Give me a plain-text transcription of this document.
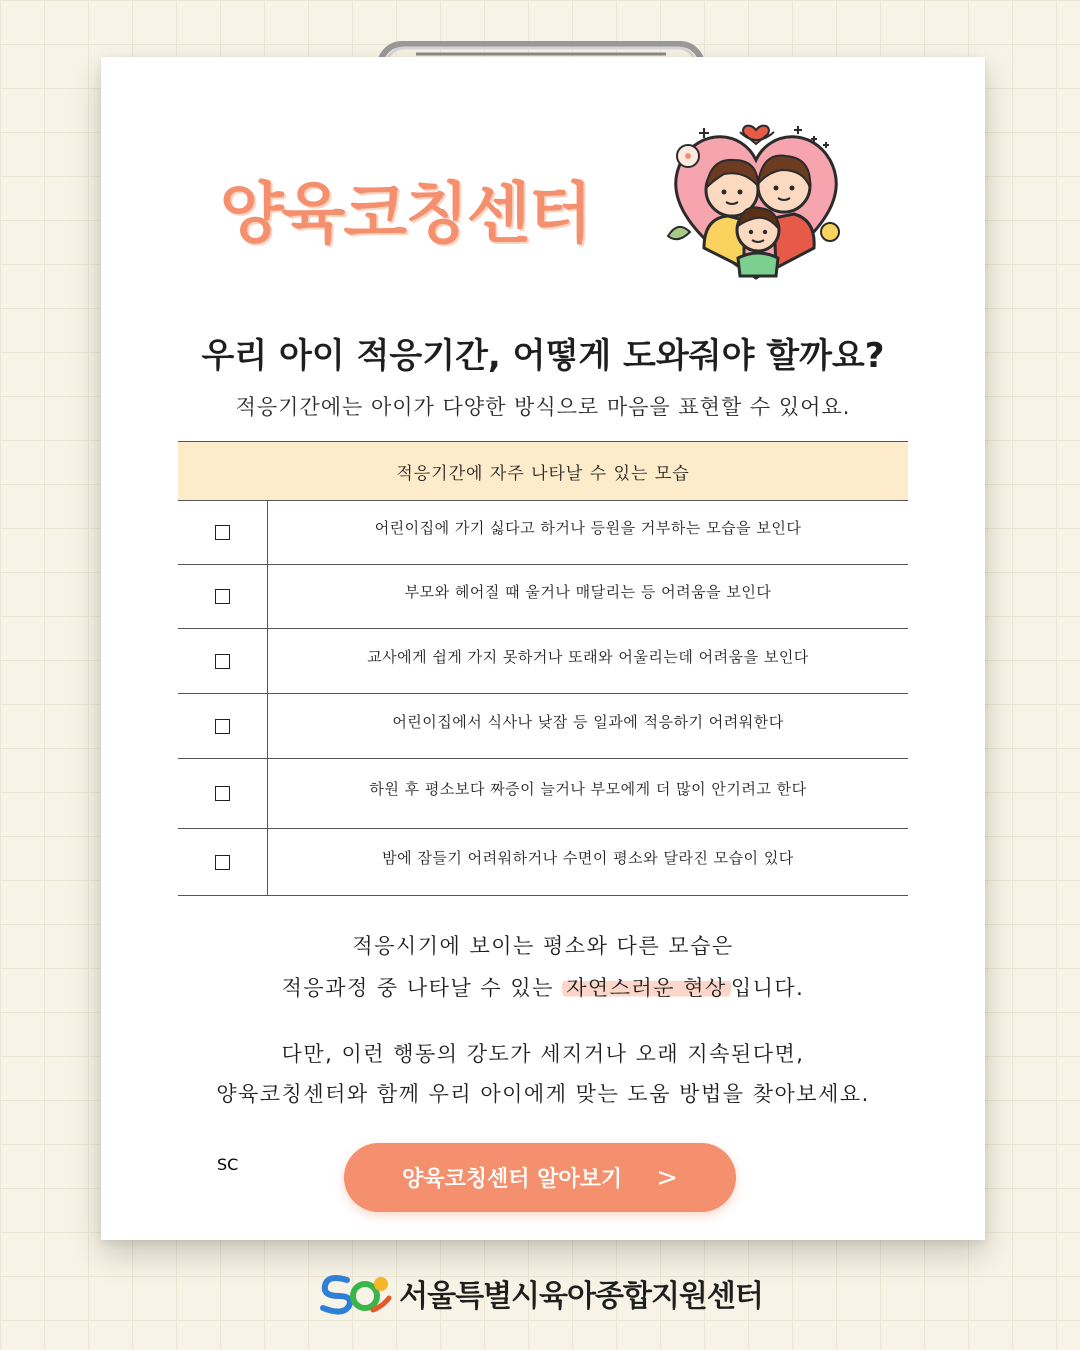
양육코칭센터
우리 아이 적응기간, 어떻게 도와줘야 할까요?
적응기간에는 아이가 다양한 방식으로 마음을 표현할 수 있어요.
적응기간에 자주 나타날 수 있는 모습
어린이집에 가기 싫다고 하거나 등원을 거부하는 모습을 보인다
부모와 헤어질 때 울거나 매달리는 등 어려움을 보인다
교사에게 쉽게 가지 못하거나 또래와 어울리는데 어려움을 보인다
어린이집에서 식사나 낮잠 등 일과에 적응하기 어려워한다
하원 후 평소보다 짜증이 늘거나 부모에게 더 많이 안기려고 한다
밤에 잠들기 어려워하거나 수면이 평소와 달라진 모습이 있다
적응시기에 보이는 평소와 다른 모습은
적응과정 중 나타날 수 있는 자연스러운 현상 입니다.
다만, 이런 행동의 강도가 세지거나 오래 지속된다면,
양육코칭센터와 함께 우리 아이에게 맞는 도움 방법을 찾아보세요.
양육코칭센터 알아보기 >
SC
서울특별시육아종합지원센터
